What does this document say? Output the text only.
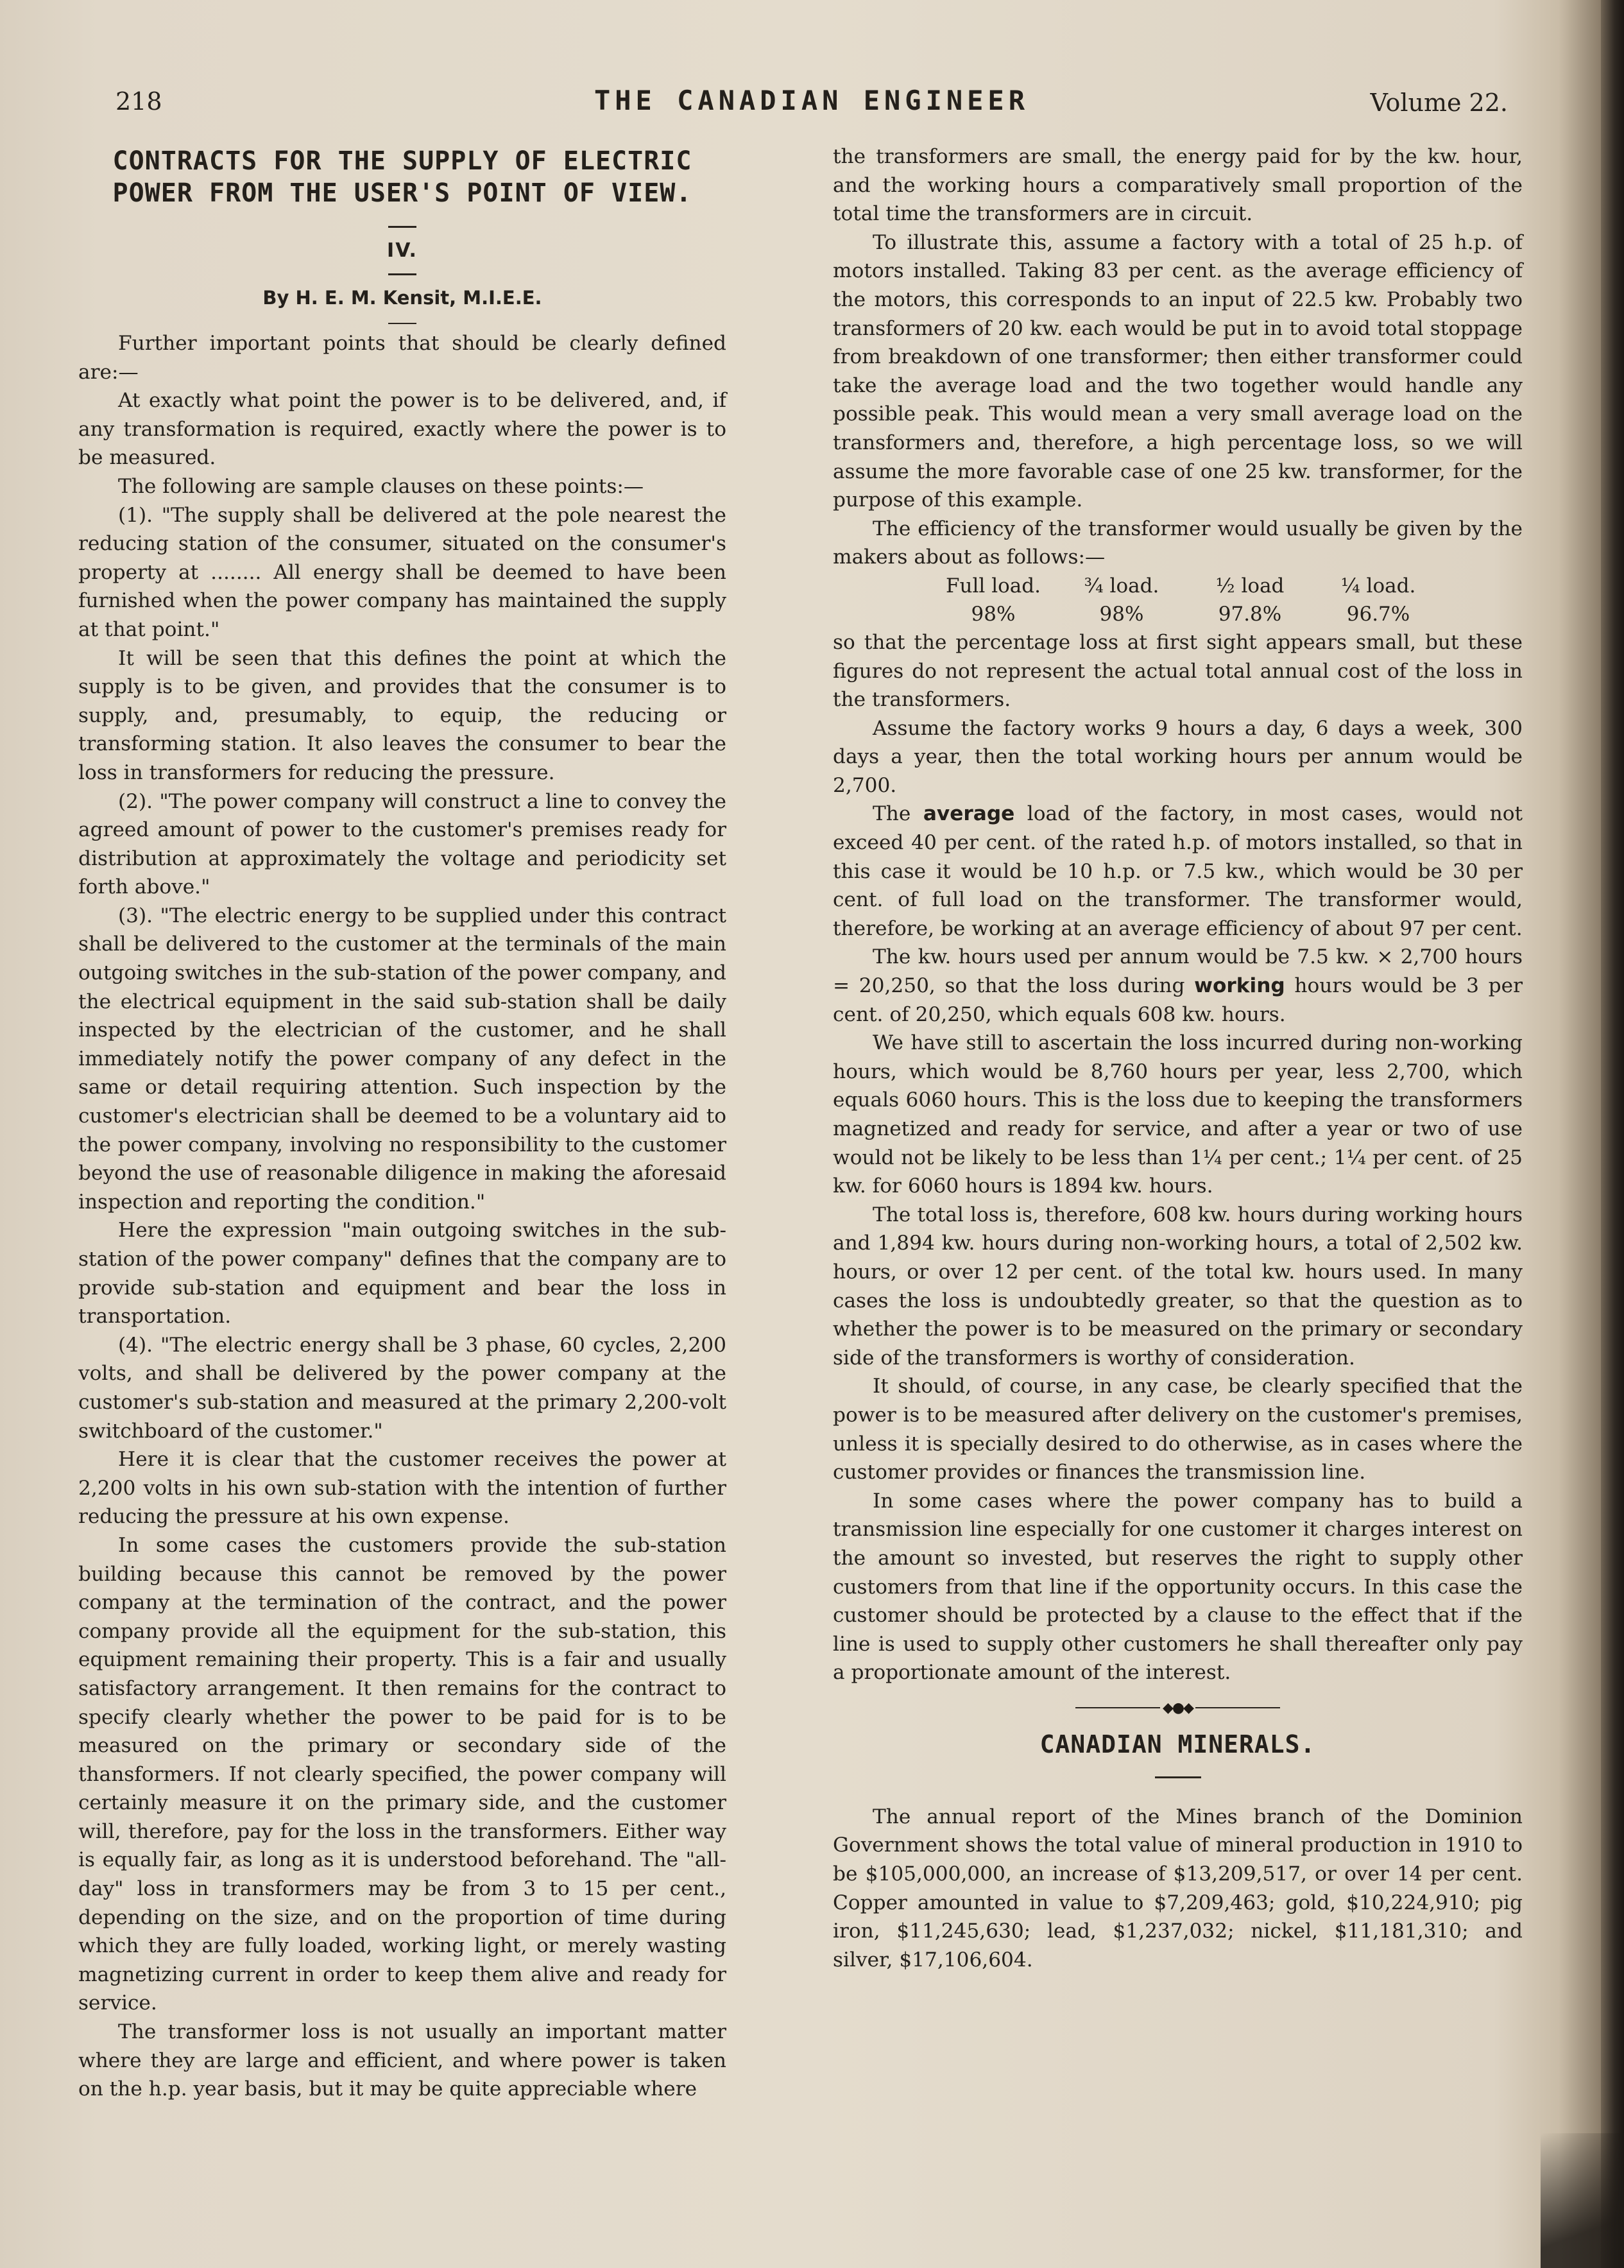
218	THE CANADIAN ENGINEER	Volume 22.
CONTRACTS FOR THE SUPPLY OF ELECTRIC
POWER FROM THE USER'S POINT OF VIEW.
IV.
By H. E. M. Kensit, M.I.E.E.

Further important points that should be clearly defined are:—

At exactly what point the power is to be delivered, and, if any transformation is required, exactly where the power is to be measured.

The following are sample clauses on these points:—

(1). "The supply shall be delivered at the pole nearest the reducing station of the consumer, situated on the consumer's property at ........ All energy shall be deemed to have been furnished when the power company has maintained the supply at that point."

It will be seen that this defines the point at which the supply is to be given, and provides that the consumer is to supply, and, presumably, to equip, the reducing or transforming station. It also leaves the consumer to bear the loss in transformers for reducing the pressure.

(2). "The power company will construct a line to convey the agreed amount of power to the customer's premises ready for distribution at approximately the voltage and periodicity set forth above."

(3). "The electric energy to be supplied under this contract shall be delivered to the customer at the terminals of the main outgoing switches in the sub-station of the power company, and the electrical equipment in the said sub-station shall be daily inspected by the electrician of the customer, and he shall immediately notify the power company of any defect in the same or detail requiring attention. Such inspection by the customer's electrician shall be deemed to be a voluntary aid to the power company, involving no responsibility to the customer beyond the use of reasonable diligence in making the aforesaid inspection and reporting the condition."

Here the expression "main outgoing switches in the sub-station of the power company" defines that the company are to provide sub-station and equipment and bear the loss in transportation.

(4). "The electric energy shall be 3 phase, 60 cycles, 2,200 volts, and shall be delivered by the power company at the customer's sub-station and measured at the primary 2,200-volt switchboard of the customer."

Here it is clear that the customer receives the power at 2,200 volts in his own sub-station with the intention of further reducing the pressure at his own expense.

In some cases the customers provide the sub-station building because this cannot be removed by the power company at the termination of the contract, and the power company provide all the equipment for the sub-station, this equipment remaining their property. This is a fair and usually satisfactory arrangement. It then remains for the contract to specify clearly whether the power to be paid for is to be measured on the primary or secondary side of the thansformers. If not clearly specified, the power company will certainly measure it on the primary side, and the customer will, therefore, pay for the loss in the transformers. Either way is equally fair, as long as it is understood beforehand. The "all-day" loss in transformers may be from 3 to 15 per cent., depending on the size, and on the proportion of time during which they are fully loaded, working light, or merely wasting magnetizing current in order to keep them alive and ready for service.

The transformer loss is not usually an important matter where they are large and efficient, and where power is taken on the h.p. year basis, but it may be quite appreciable where

the transformers are small, the energy paid for by the kw. hour, and the working hours a comparatively small proportion of the total time the transformers are in circuit.

To illustrate this, assume a factory with a total of 25 h.p. of motors installed. Taking 83 per cent. as the average efficiency of the motors, this corresponds to an input of 22.5 kw. Probably two transformers of 20 kw. each would be put in to avoid total stoppage from breakdown of one transformer; then either transformer could take the average load and the two together would handle any possible peak. This would mean a very small average load on the transformers and, therefore, a high percentage loss, so we will assume the more favorable case of one 25 kw. transformer, for the purpose of this example.

The efficiency of the transformer would usually be given by the makers about as follows:—

Full load.
98%
¾ load.
98%
½ load
97.8%
¼ load.
96.7%

so that the percentage loss at first sight appears small, but these figures do not represent the actual total annual cost of the loss in the transformers.

Assume the factory works 9 hours a day, 6 days a week, 300 days a year, then the total working hours per annum would be 2,700.

The average load of the factory, in most cases, would not exceed 40 per cent. of the rated h.p. of motors installed, so that in this case it would be 10 h.p. or 7.5 kw., which would be 30 per cent. of full load on the transformer. The transformer would, therefore, be working at an average efficiency of about 97 per cent.

The kw. hours used per annum would be 7.5 kw. × 2,700 hours = 20,250, so that the loss during working hours would be 3 per cent. of 20,250, which equals 608 kw. hours.

We have still to ascertain the loss incurred during non-working hours, which would be 8,760 hours per year, less 2,700, which equals 6060 hours. This is the loss due to keeping the transformers magnetized and ready for service, and after a year or two of use would not be likely to be less than 1¼ per cent.; 1¼ per cent. of 25 kw. for 6060 hours is 1894 kw. hours.

The total loss is, therefore, 608 kw. hours during working hours and 1,894 kw. hours during non-working hours, a total of 2,502 kw. hours, or over 12 per cent. of the total kw. hours used. In many cases the loss is undoubtedly greater, so that the question as to whether the power is to be measured on the primary or secondary side of the transformers is worthy of consideration.

It should, of course, in any case, be clearly specified that the power is to be measured after delivery on the customer's premises, unless it is specially desired to do otherwise, as in cases where the customer provides or finances the transmission line.

In some cases where the power company has to build a transmission line especially for one customer it charges interest on the amount so invested, but reserves the right to supply other customers from that line if the opportunity occurs. In this case the customer should be protected by a clause to the effect that if the line is used to supply other customers he shall thereafter only pay a proportionate amount of the interest.

◆●◆
CANADIAN MINERALS.

The annual report of the Mines branch of the Dominion Government shows the total value of mineral production in 1910 to be $105,000,000, an increase of $13,209,517, or over 14 per cent. Copper amounted in value to $7,209,463; gold, $10,224,910; pig iron, $11,245,630; lead, $1,237,032; nickel, $11,181,310; and silver, $17,106,604.
